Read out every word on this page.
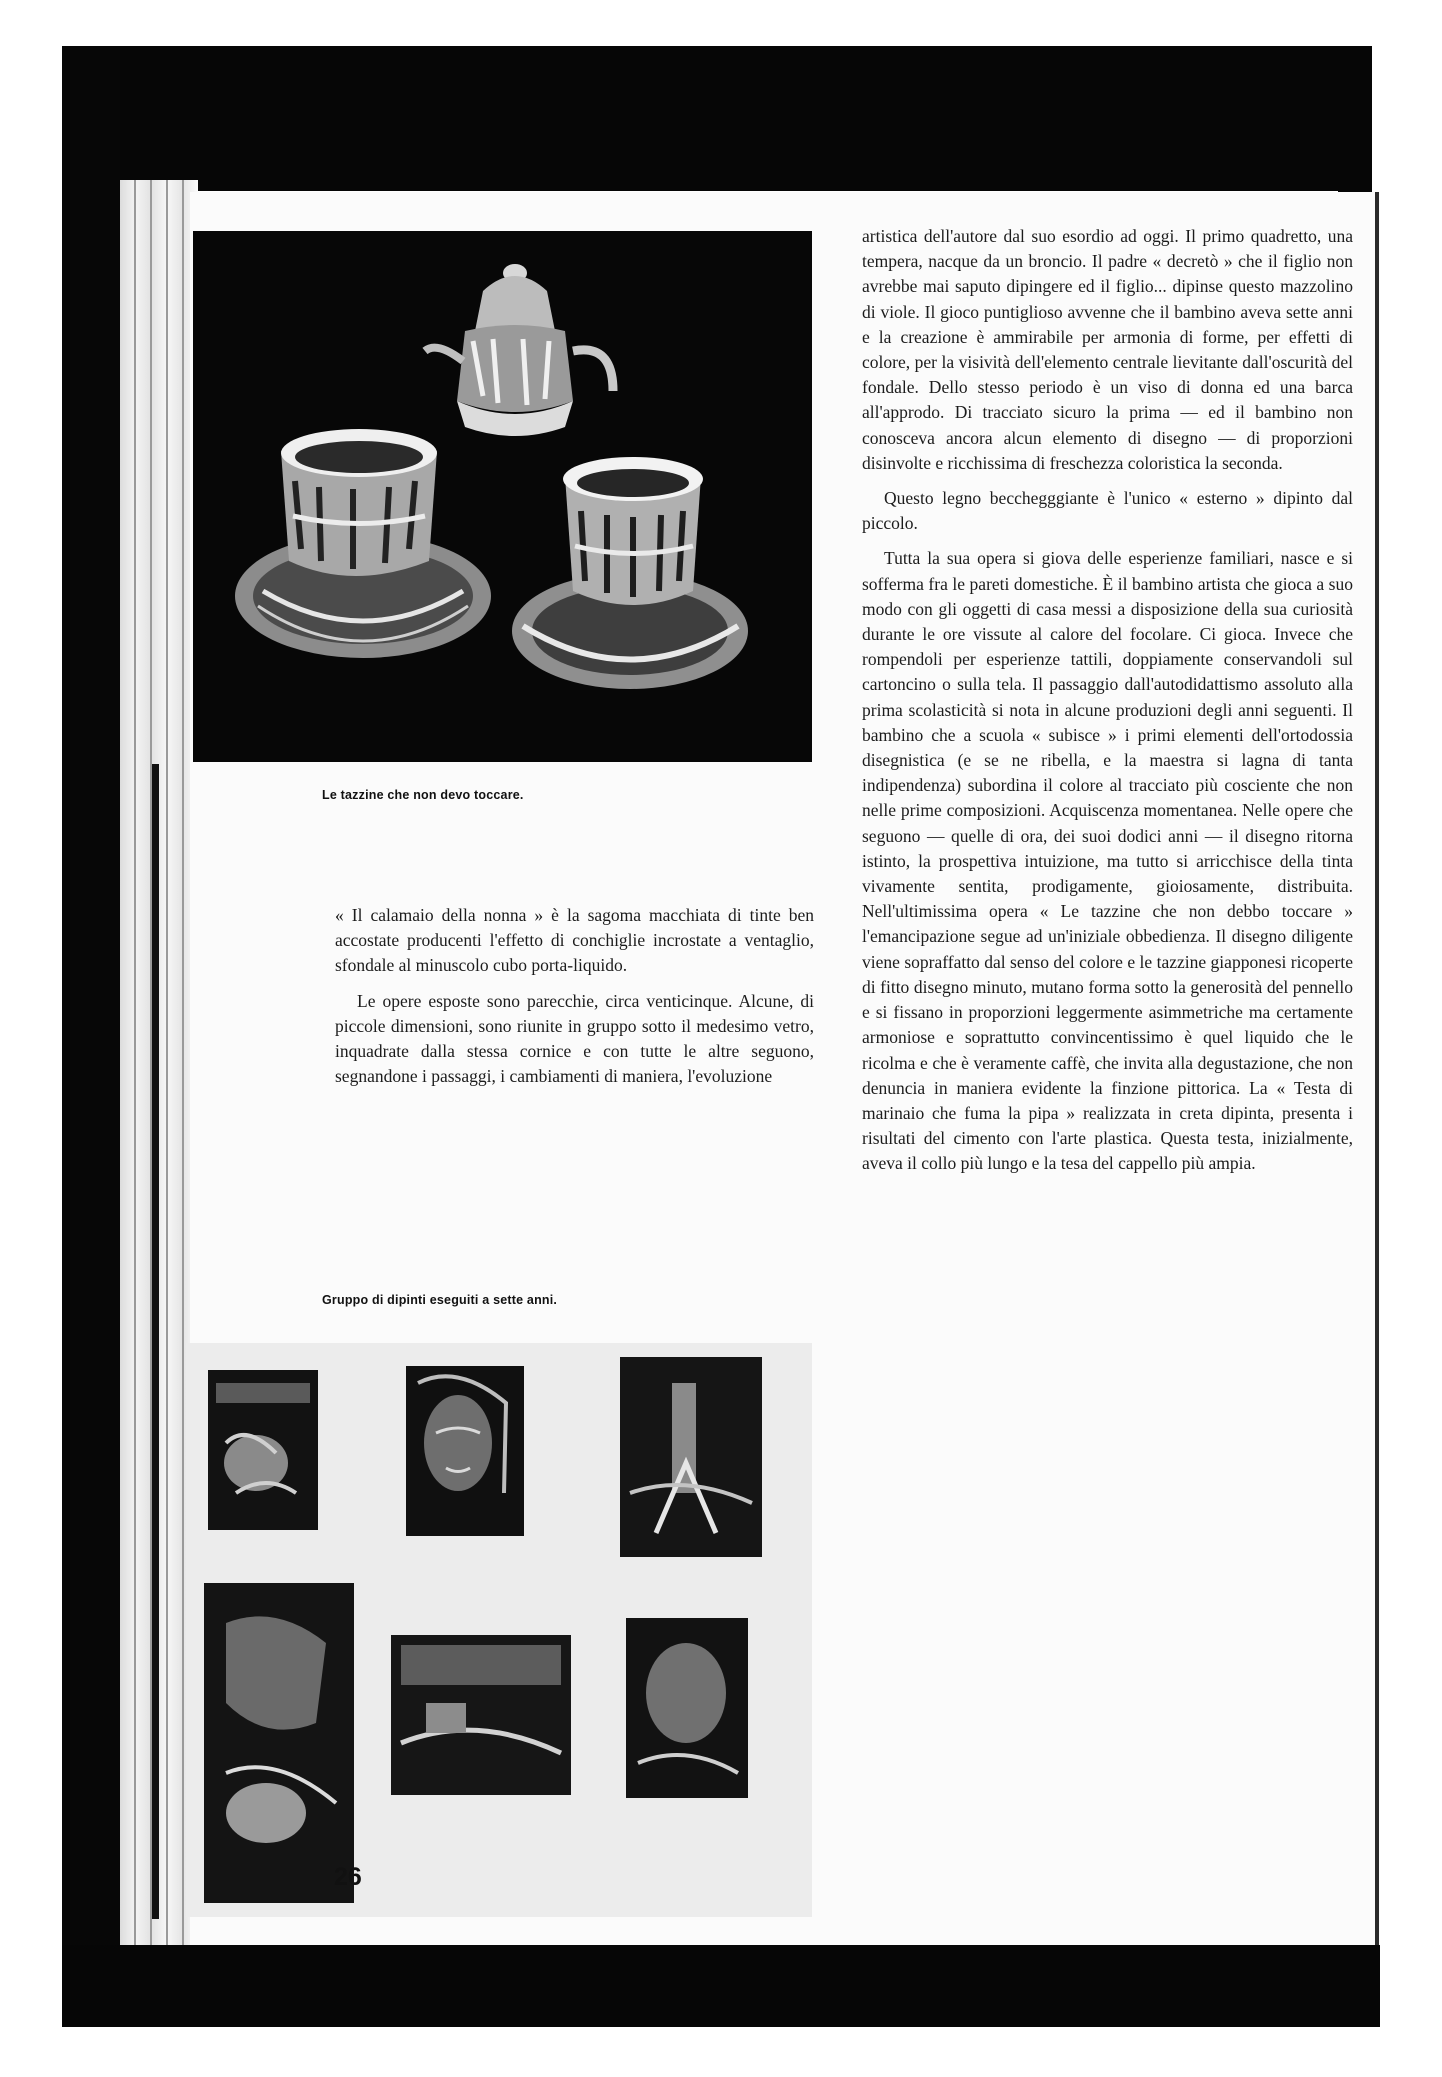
Le tazzine che non devo toccare.

« Il calamaio della nonna » è la sagoma macchiata di tinte ben accostate producenti l'effetto di conchiglie incrostate a ventaglio, sfondale al minuscolo cubo porta-liquido.

Le opere esposte sono parecchie, circa venticinque. Alcune, di piccole dimensioni, sono riunite in gruppo sotto il medesimo vetro, inquadrate dalla stessa cornice e con tutte le altre seguono, segnandone i passaggi, i cambiamenti di maniera, l'evoluzione

Gruppo di dipinti eseguiti a sette anni.

artistica dell'autore dal suo esordio ad oggi. Il primo quadretto, una tempera, nacque da un broncio. Il padre « decretò » che il figlio non avrebbe mai saputo dipingere ed il figlio... dipinse questo mazzolino di viole. Il gioco puntiglioso avvenne che il bambino aveva sette anni e la creazione è ammirabile per armonia di forme, per effetti di colore, per la visività dell'elemento centrale lievitante dall'oscurità del fondale. Dello stesso periodo è un viso di donna ed una barca all'approdo. Di tracciato sicuro la prima — ed il bambino non conosceva ancora alcun elemento di disegno — di proporzioni disinvolte e ricchissima di freschezza coloristica la seconda.

Questo legno becchegggiante è l'unico « esterno » dipinto dal piccolo.

Tutta la sua opera si giova delle esperienze familiari, nasce e si sofferma fra le pareti domestiche. È il bambino artista che gioca a suo modo con gli oggetti di casa messi a disposizione della sua curiosità durante le ore vissute al calore del focolare. Ci gioca. Invece che rompendoli per esperienze tattili, doppiamente conservandoli sul cartoncino o sulla tela. Il passaggio dall'autodidattismo assoluto alla prima scolasticità si nota in alcune produzioni degli anni seguenti. Il bambino che a scuola « subisce » i primi elementi dell'ortodossia disegnistica (e se ne ribella, e la maestra si lagna di tanta indipendenza) subordina il colore al tracciato più cosciente che non nelle prime composizioni. Acquiscenza momentanea. Nelle opere che seguono — quelle di ora, dei suoi dodici anni — il disegno ritorna istinto, la prospettiva intuizione, ma tutto si arricchisce della tinta vivamente sentita, prodigamente, gioiosamente, distribuita. Nell'ultimissima opera « Le tazzine che non debbo toccare » l'emancipazione segue ad un'iniziale obbedienza. Il disegno diligente viene sopraffatto dal senso del colore e le tazzine giapponesi ricoperte di fitto disegno minuto, mutano forma sotto la generosità del pennello e si fissano in proporzioni leggermente asimmetriche ma certamente armoniose e soprattutto convincentissimo è quel liquido che le ricolma e che è veramente caffè, che invita alla degustazione, che non denuncia in maniera evidente la finzione pittorica. La « Testa di marinaio che fuma la pipa » realizzata in creta dipinta, presenta i risultati del cimento con l'arte plastica. Questa testa, inizialmente, aveva il collo più lungo e la tesa del cappello più ampia.

26
